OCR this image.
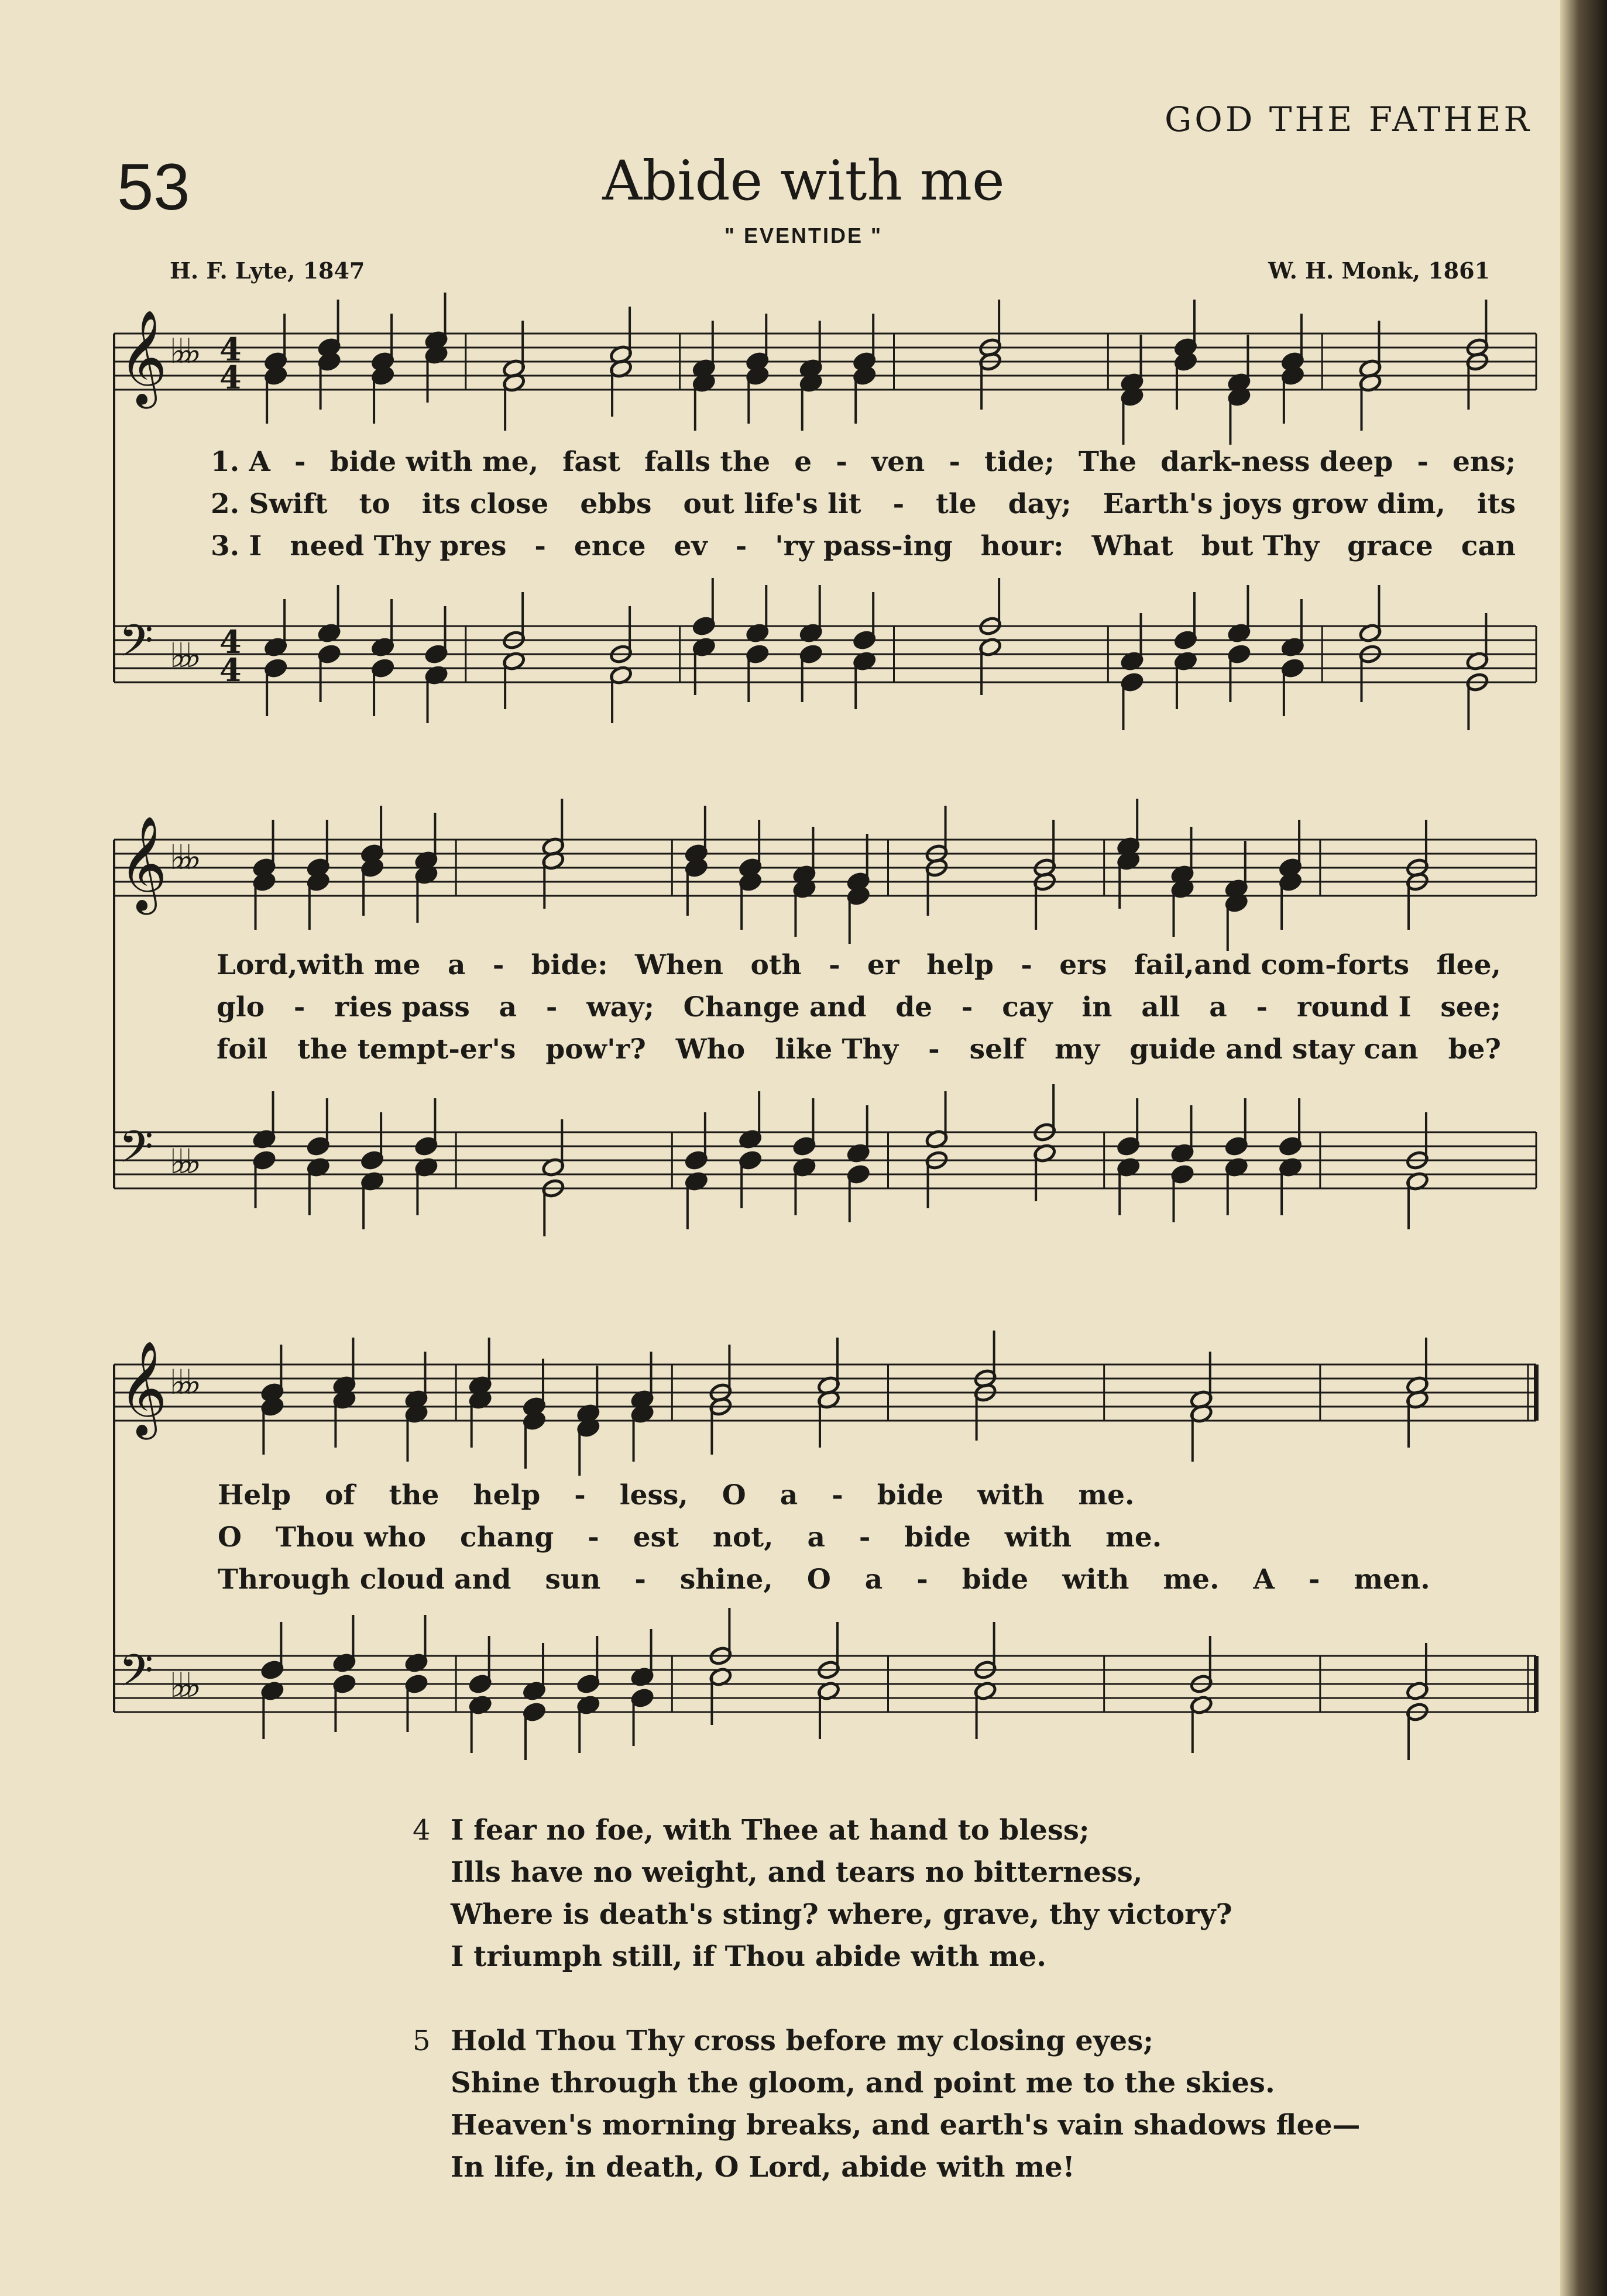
GOD THE FATHER
53	Abide with me
" EVENTIDE "
H. F. Lyte, 1847	W. H. Monk, 1861
𝄞
𝄢
♭♭♭
♭♭♭
4
4
4
4
𝄞
𝄢
♭♭♭
♭♭♭
𝄞
𝄢
♭♭♭
♭♭♭
1. A - bide with me, fast falls the e - ven - tide; The dark-ness deep - ens;
2. Swift to its close ebbs out life's lit - tle day; Earth's joys grow dim, its
3. I need Thy pres - ence ev - 'ry pass-ing hour: What but Thy grace can
Lord,with me a - bide: When oth - er help - ers fail,and com-forts flee,
glo - ries pass a - way; Change and de - cay in all a - round I see;
foil the tempt-er's pow'r? Who like Thy - self my guide and stay can be?
Help of the help - less, O a - bide with me.
O Thou who chang - est not, a - bide with me.
Through cloud and sun - shine, O a - bide with me. A - men.
4 I fear no foe, with Thee at hand to bless;
Ills have no weight, and tears no bitterness,
Where is death's sting? where, grave, thy victory?
I triumph still, if Thou abide with me.
5 Hold Thou Thy cross before my closing eyes;
Shine through the gloom, and point me to the skies.
Heaven's morning breaks, and earth's vain shadows flee—
In life, in death, O Lord, abide with me!
